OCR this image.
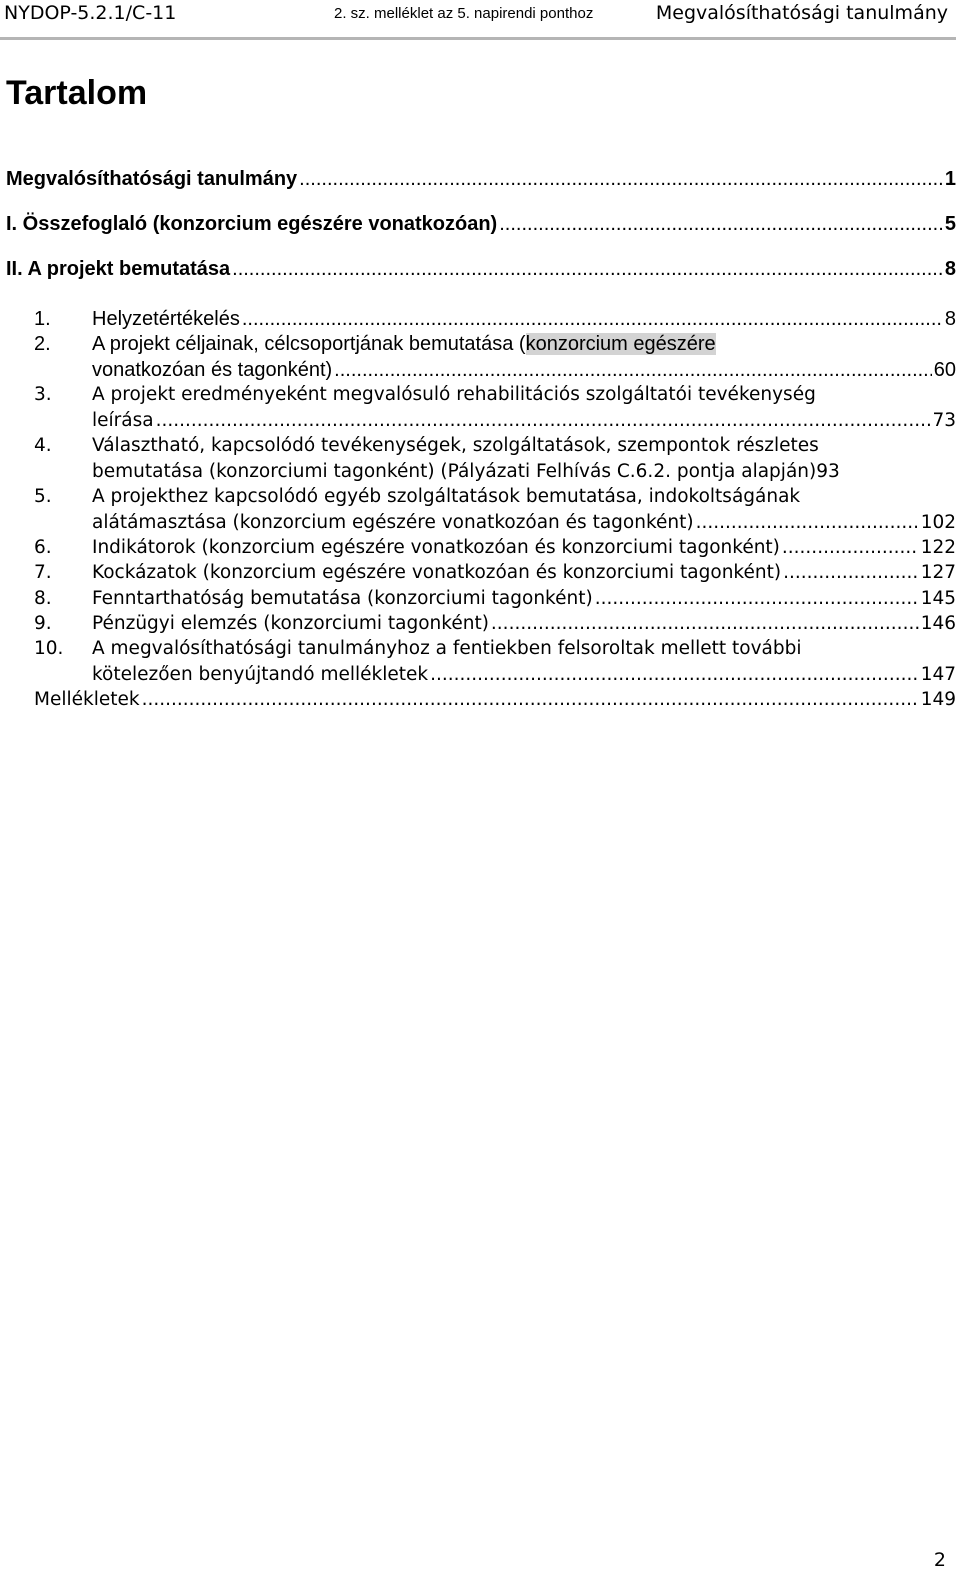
NYDOP-5.2.1/C-11	2. sz. melléklet az 5. napirendi ponthoz	Megvalósíthatósági tanulmány
Tartalom
Megvalósíthatósági tanulmány .....	1
I. Összefoglaló (konzorcium egészére vonatkozóan) .....	5
II. A projekt bemutatása .....	8
1.	Helyzetértékelés .....	8
2.	A projekt céljainak, célcsoportjának bemutatása (konzorcium egészére
vonatkozóan és tagonként) .....	60
3.	A projekt eredményeként megvalósuló rehabilitációs szolgáltatói tevékenység
leírása .....	73
4.	Választható, kapcsolódó tevékenységek, szolgáltatások, szempontok részletes
bemutatása (konzorciumi tagonként) (Pályázati Felhívás C.6.2. pontja alapján) 93
5.	A projekthez kapcsolódó egyéb szolgáltatások bemutatása, indokoltságának
alátámasztása (konzorcium egészére vonatkozóan és tagonként) .....	102
6.	Indikátorok (konzorcium egészére vonatkozóan és konzorciumi tagonként) .....	122
7.	Kockázatok (konzorcium egészére vonatkozóan és konzorciumi tagonként) .....	127
8.	Fenntarthatóság bemutatása (konzorciumi tagonként) .....	145
9.	Pénzügyi elemzés (konzorciumi tagonként) .....	146
10.	A megvalósíthatósági tanulmányhoz a fentiekben felsoroltak mellett további
kötelezően benyújtandó mellékletek .....	147
Mellékletek .....	149
2
